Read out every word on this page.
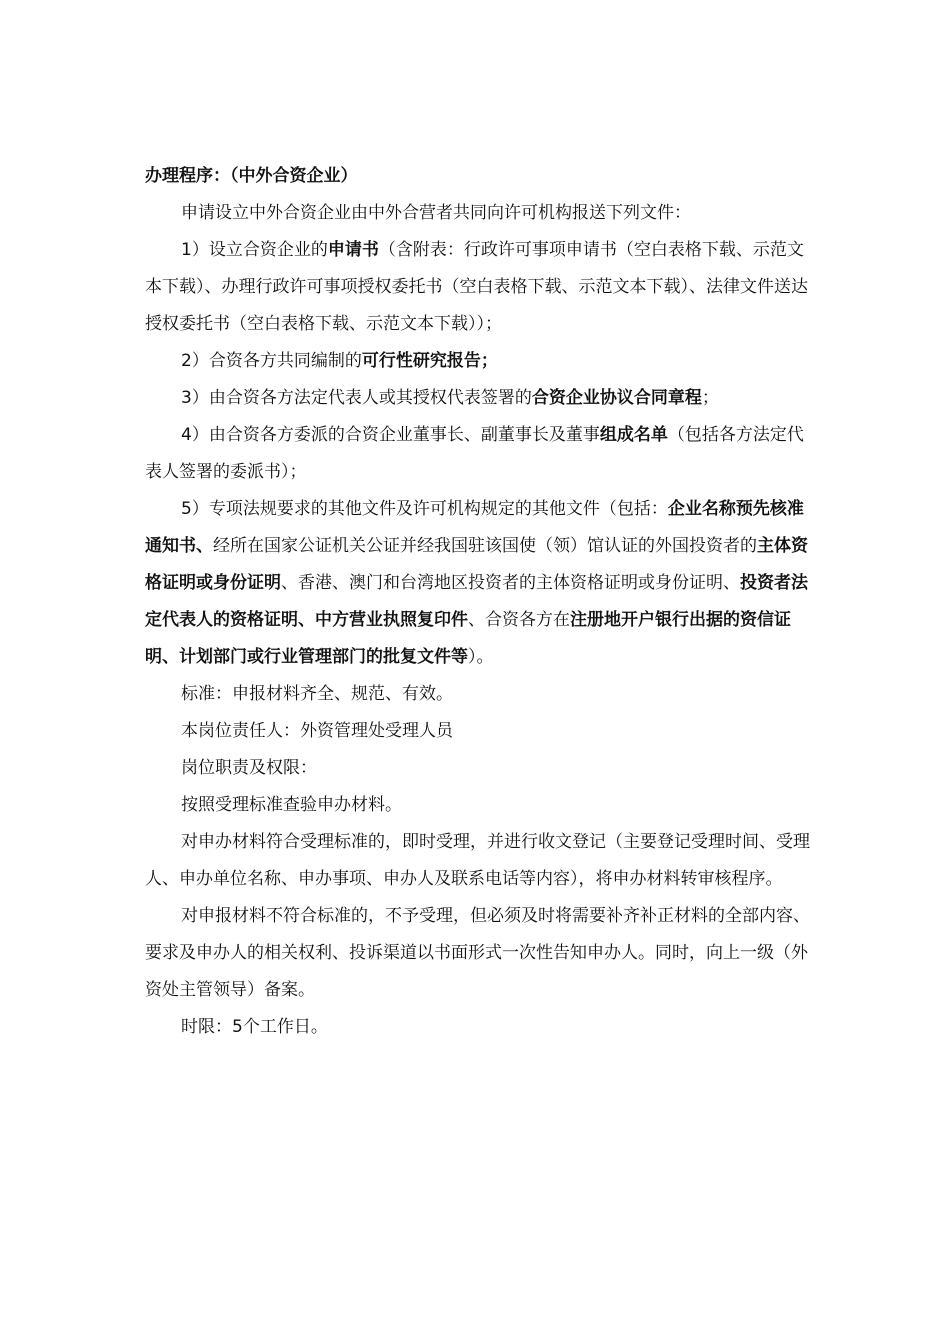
办理程序：（中外合资企业）

申请设立中外合资企业由中外合营者共同向许可机构报送下列文件：

1）设立合资企业的申请书（含附表：行政许可事项申请书（空白表格下载、示范文本下载）、办理行政许可事项授权委托书（空白表格下载、示范文本下载）、法律文件送达授权委托书（空白表格下载、示范文本下载））；

2）合资各方共同编制的可行性研究报告；

3）由合资各方法定代表人或其授权代表签署的合资企业协议合同章程；

4）由合资各方委派的合资企业董事长、副董事长及董事组成名单（包括各方法定代表人签署的委派书）；

5）专项法规要求的其他文件及许可机构规定的其他文件（包括：企业名称预先核准通知书、经所在国家公证机关公证并经我国驻该国使（领）馆认证的外国投资者的主体资格证明或身份证明、香港、澳门和台湾地区投资者的主体资格证明或身份证明、投资者法定代表人的资格证明、中方营业执照复印件、合资各方在注册地开户银行出据的资信证明、计划部门或行业管理部门的批复文件等）。

标准：申报材料齐全、规范、有效。

本岗位责任人：外资管理处受理人员

岗位职责及权限：

按照受理标准查验申办材料。

对申办材料符合受理标准的，即时受理，并进行收文登记（主要登记受理时间、受理人、申办单位名称、申办事项、申办人及联系电话等内容），将申办材料转审核程序。

对申报材料不符合标准的，不予受理，但必须及时将需要补齐补正材料的全部内容、要求及申办人的相关权利、投诉渠道以书面形式一次性告知申办人。同时，向上一级（外资处主管领导）备案。

时限：5个工作日。
